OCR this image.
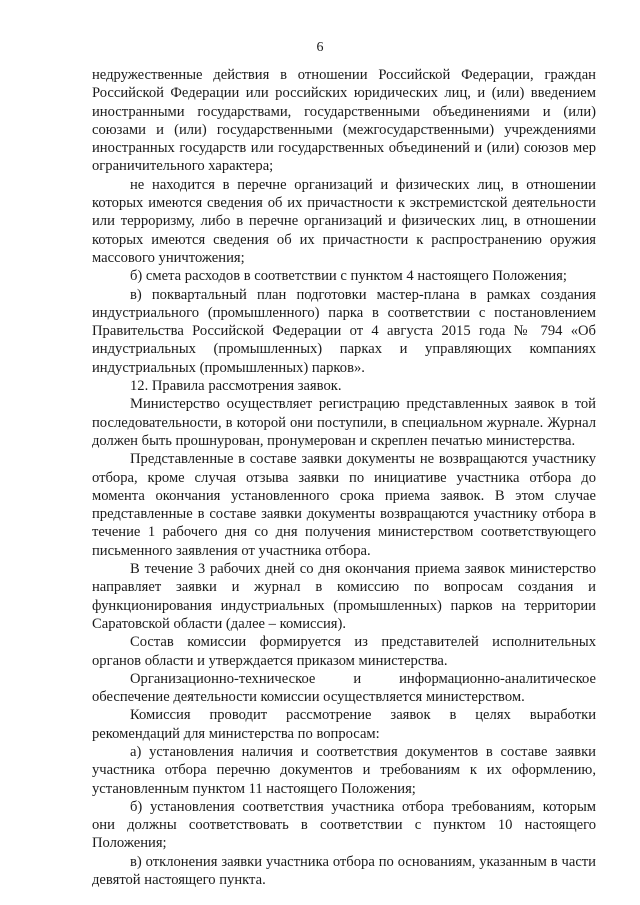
6

недружественные действия в отношении Российской Федерации, граждан Российской Федерации или российских юридических лиц, и (или) введением иностранными государствами, государственными объединениями и (или) союзами и (или) государственными (межгосударственными) учреждениями иностранных государств или государственных объединений и (или) союзов мер ограничительного характера;

не находится в перечне организаций и физических лиц, в отношении которых имеются сведения об их причастности к экстремистской деятельности или терроризму, либо в перечне организаций и физических лиц, в отношении которых имеются сведения об их причастности к распространению оружия массового уничтожения;

б) смета расходов в соответствии с пунктом 4 настоящего Положения;

в) поквартальный план подготовки мастер-плана в рамках создания индустриального (промышленного) парка в соответствии с постановлением Правительства Российской Федерации от 4 августа 2015 года № 794 «Об индустриальных (промышленных) парках и управляющих компаниях индустриальных (промышленных) парков».

12. Правила рассмотрения заявок.

Министерство осуществляет регистрацию представленных заявок в той последовательности, в которой они поступили, в специальном журнале. Журнал должен быть прошнурован, пронумерован и скреплен печатью министерства.

Представленные в составе заявки документы не возвращаются участнику отбора, кроме случая отзыва заявки по инициативе участника отбора до момента окончания установленного срока приема заявок. В этом случае представленные в составе заявки документы возвращаются участнику отбора в течение 1 рабочего дня со дня получения министерством соответствующего письменного заявления от участника отбора.

В течение 3 рабочих дней со дня окончания приема заявок министерство направляет заявки и журнал в комиссию по вопросам создания и функционирования индустриальных (промышленных) парков на территории Саратовской области (далее – комиссия).

Состав комиссии формируется из представителей исполнительных органов области и утверждается приказом министерства.

Организационно-техническое и информационно-аналитическое обеспечение деятельности комиссии осуществляется министерством.

Комиссия проводит рассмотрение заявок в целях выработки рекомендаций для министерства по вопросам:

а) установления наличия и соответствия документов в составе заявки участника отбора перечню документов и требованиям к их оформлению, установленным пунктом 11 настоящего Положения;

б) установления соответствия участника отбора требованиям, которым они должны соответствовать в соответствии с пунктом 10 настоящего Положения;

в) отклонения заявки участника отбора по основаниям, указанным в части девятой настоящего пункта.
